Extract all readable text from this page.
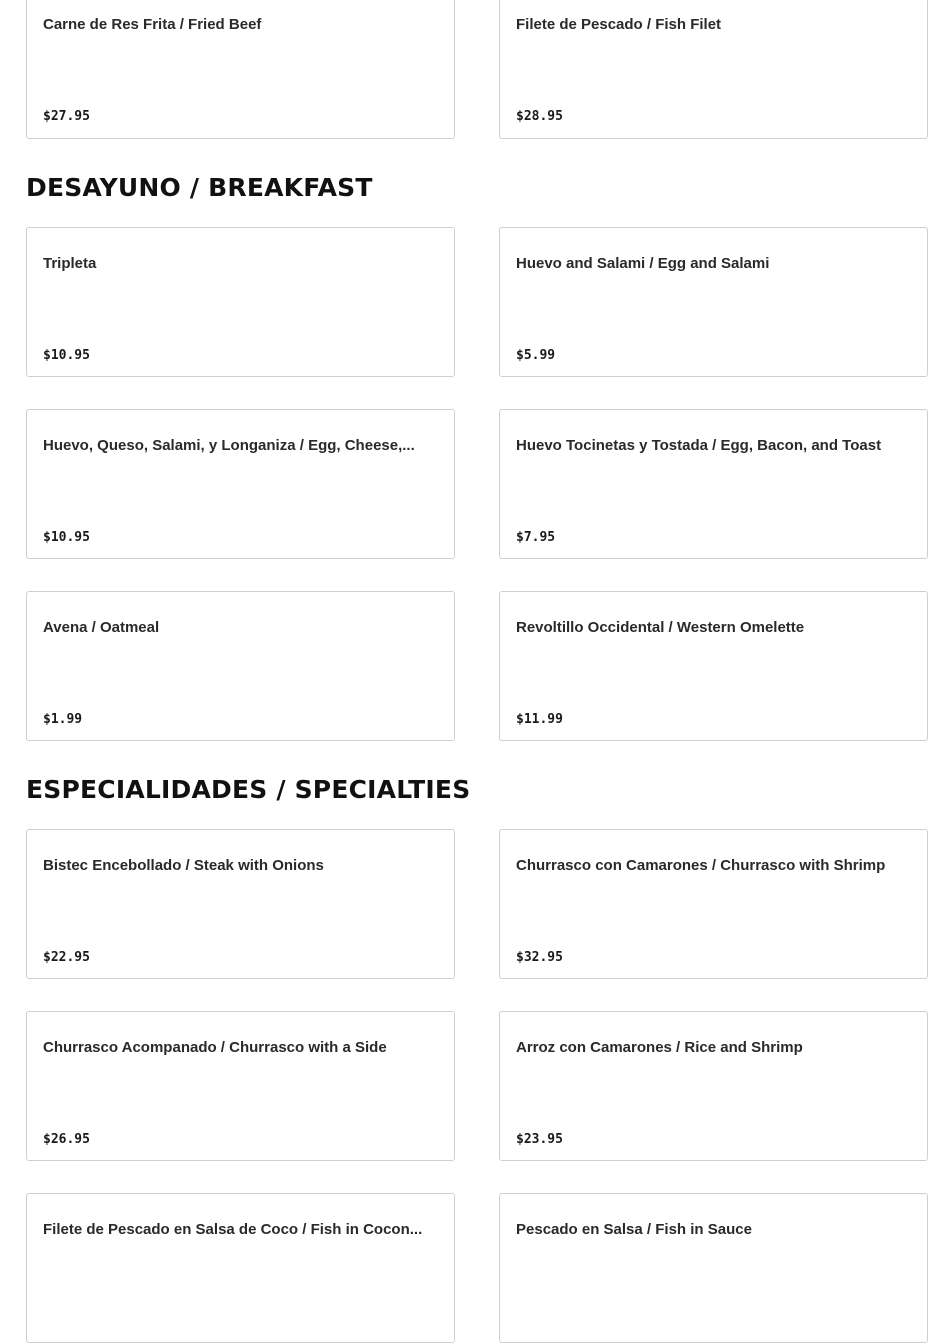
Carne de Res Frita / Fried Beef
$27.95
Filete de Pescado / Fish Filet
$28.95
DESAYUNO / BREAKFAST
Tripleta
$10.95
Huevo and Salami / Egg and Salami
$5.99
Huevo, Queso, Salami, y Longaniza / Egg, Cheese,...
$10.95
Huevo Tocinetas y Tostada / Egg, Bacon, and Toast
$7.95
Avena / Oatmeal
$1.99
Revoltillo Occidental / Western Omelette
$11.99
ESPECIALIDADES / SPECIALTIES
Bistec Encebollado / Steak with Onions
$22.95
Churrasco con Camarones / Churrasco with Shrimp
$32.95
Churrasco Acompanado / Churrasco with a Side
$26.95
Arroz con Camarones / Rice and Shrimp
$23.95
Filete de Pescado en Salsa de Coco / Fish in Cocon...	Pescado en Salsa / Fish in Sauce
